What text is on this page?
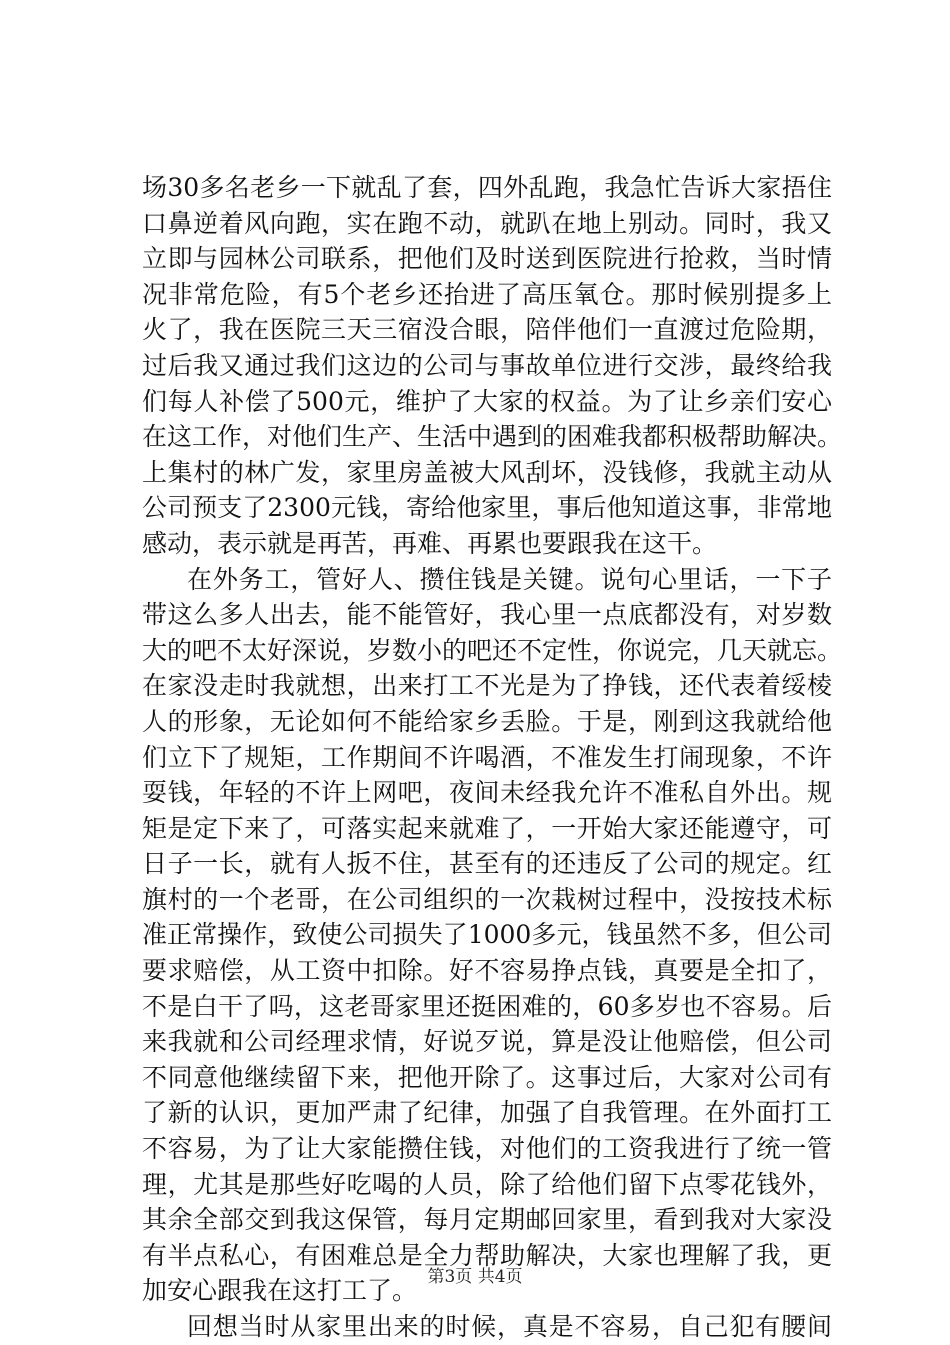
场30多名老乡一下就乱了套，四外乱跑，我急忙告诉大家捂住
口鼻逆着风向跑，实在跑不动，就趴在地上别动。同时，我又
立即与园林公司联系，把他们及时送到医院进行抢救，当时情
况非常危险，有5个老乡还抬进了高压氧仓。那时候别提多上
火了，我在医院三天三宿没合眼，陪伴他们一直渡过危险期，
过后我又通过我们这边的公司与事故单位进行交涉，最终给我
们每人补偿了500元，维护了大家的权益。为了让乡亲们安心
在这工作，对他们生产、生活中遇到的困难我都积极帮助解决。
上集村的林广发，家里房盖被大风刮坏，没钱修，我就主动从
公司预支了2300元钱，寄给他家里，事后他知道这事，非常地
感动，表示就是再苦，再难、再累也要跟我在这干。
在外务工，管好人、攒住钱是关键。说句心里话，一下子
带这么多人出去，能不能管好，我心里一点底都没有，对岁数
大的吧不太好深说，岁数小的吧还不定性，你说完，几天就忘。
在家没走时我就想，出来打工不光是为了挣钱，还代表着绥棱
人的形象，无论如何不能给家乡丢脸。于是，刚到这我就给他
们立下了规矩，工作期间不许喝酒，不准发生打闹现象，不许
耍钱，年轻的不许上网吧，夜间未经我允许不准私自外出。规
矩是定下来了，可落实起来就难了，一开始大家还能遵守，可
日子一长，就有人扳不住，甚至有的还违反了公司的规定。红
旗村的一个老哥，在公司组织的一次栽树过程中，没按技术标
准正常操作，致使公司损失了1000多元，钱虽然不多，但公司
要求赔偿，从工资中扣除。好不容易挣点钱，真要是全扣了，
不是白干了吗，这老哥家里还挺困难的，60多岁也不容易。后
来我就和公司经理求情，好说歹说，算是没让他赔偿，但公司
不同意他继续留下来，把他开除了。这事过后，大家对公司有
了新的认识，更加严肃了纪律，加强了自我管理。在外面打工
不容易，为了让大家能攒住钱，对他们的工资我进行了统一管
理，尤其是那些好吃喝的人员，除了给他们留下点零花钱外，
其余全部交到我这保管，每月定期邮回家里，看到我对大家没
有半点私心，有困难总是全力帮助解决，大家也理解了我，更
加安心跟我在这打工了。
回想当时从家里出来的时候，真是不容易，自己犯有腰间
第3页 共4页
